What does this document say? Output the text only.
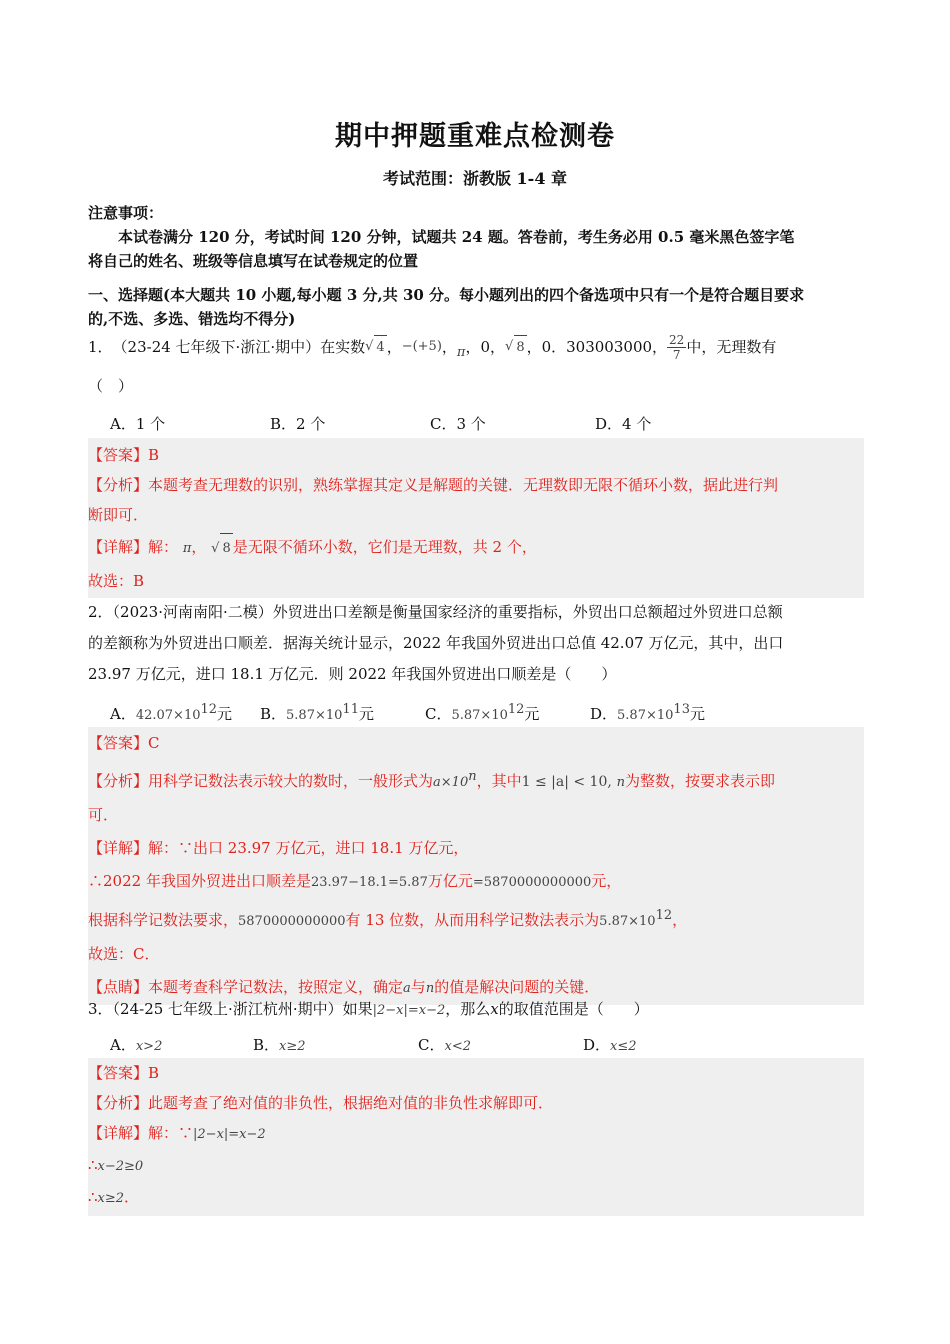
期中押题重难点检测卷
考试范围：浙教版 1-4 章
注意事项：
本试卷满分 120 分，考试时间 120 分钟，试题共 24 题。答卷前，考生务必用 0.5 毫米黑色签字笔
将自己的姓名、班级等信息填写在试卷规定的位置
一、选择题(本大题共 10 小题,每小题 3 分,共 30 分。每小题列出的四个备选项中只有一个是符合题目要求
的,不选、多选、错选均不得分)
1． （23-24 七年级下·浙江·期中）在实数 √ 4 ， −(+5) ， π ，0， √ 8 ，0．303003000， $\frac{22}{7}$ 中，无理数有
（　）
A．1 个	B．2 个	C．3 个	D．4 个
【答案】B
【分析】本题考查无理数的识别，熟练掌握其定义是解题的关键．无理数即无限不循环小数，据此进行判
断即可．
【详解】解： π， √ 8 是无限不循环小数，它们是无理数，共 2 个，
故选：B
2．（2023·河南南阳·二模）外贸进出口差额是衡量国家经济的重要指标，外贸出口总额超过外贸进口总额
的差额称为外贸进出口顺差．据海关统计显示，2022 年我国外贸进出口总值 42.07 万亿元，其中，出口
23.97 万亿元，进口 18.1 万亿元．则 2022 年我国外贸进出口顺差是（　　）
A．$42.07\times 10^{12}$元	B．$5.87\times 10^{11}$元	C．$5.87\times 10^{12}$元	D．$5.87\times 10^{13}$元
【答案】C
【分析】用科学记数法表示较大的数时，一般形式为$a\times 10^n$，其中1 ≤ |a| < 10, n为整数，按要求表示即
可．
【详解】解：∵出口 23.97 万亿元，进口 18.1 万亿元，
∴2022 年我国外贸进出口顺差是23.97−18.1=5.87万亿元=5870000000000元，
根据科学记数法要求，5870000000000有 13 位数，从而用科学记数法表示为$5.87\times 10^{12}$，
故选：C．
【点睛】本题考查科学记数法，按照定义，确定a与n的值是解决问题的关键．
3．（24-25 七年级上·浙江杭州·期中）如果|2−x|=x−2，那么x的取值范围是（　　）
A．x>2	B．x≥2	C．x<2	D．x≤2
【答案】B
【分析】此题考查了绝对值的非负性，根据绝对值的非负性求解即可．
【详解】解：∵|2−x|=x−2
∴x−2≥0
∴x≥2．
